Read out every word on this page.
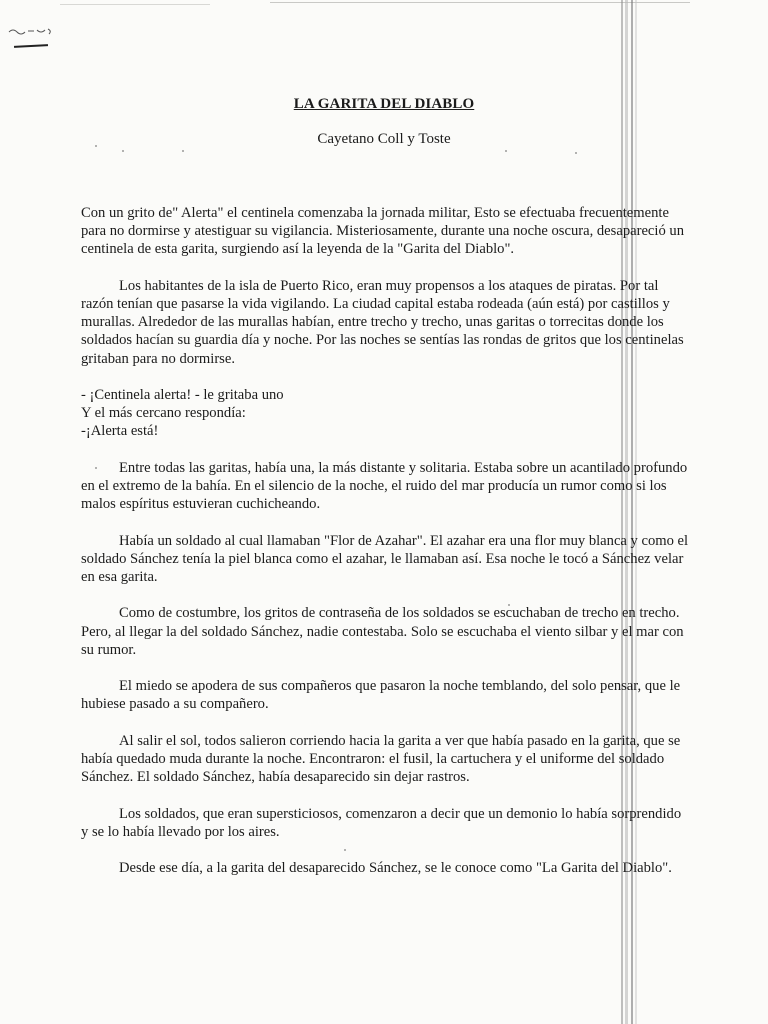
LA GARITA DEL DIABLO
Cayetano Coll y Toste

Con un grito de" Alerta" el centinela comenzaba la jornada militar, Esto se efectuaba frecuentemente para no dormirse y atestiguar su vigilancia. Misteriosamente, durante una noche oscura, desapareció un centinela de esta garita, surgiendo así la leyenda de la "Garita del Diablo".

Los habitantes de la isla de Puerto Rico, eran muy propensos a los ataques de piratas. Por tal razón tenían que pasarse la vida vigilando. La ciudad capital estaba rodeada (aún está) por castillos y murallas. Alrededor de las murallas habían, entre trecho y trecho, unas garitas o torrecitas donde los soldados hacían su guardia día y noche. Por las noches se sentías las rondas de gritos que los centinelas gritaban para no dormirse.

- ¡Centinela alerta! - le gritaba uno
Y el más cercano respondía:
-¡Alerta está!

Entre todas las garitas, había una, la más distante y solitaria. Estaba sobre un acantilado profundo en el extremo de la bahía. En el silencio de la noche, el ruido del mar producía un rumor como si los malos espíritus estuvieran cuchicheando.

Había un soldado al cual llamaban "Flor de Azahar". El azahar era una flor muy blanca y como el soldado Sánchez tenía la piel blanca como el azahar, le llamaban así. Esa noche le tocó a Sánchez velar en esa garita.

Como de costumbre, los gritos de contraseña de los soldados se escuchaban de trecho en trecho. Pero, al llegar la del soldado Sánchez, nadie contestaba. Solo se escuchaba el viento silbar y el mar con su rumor.

El miedo se apodera de sus compañeros que pasaron la noche temblando, del solo pensar, que le hubiese pasado a su compañero.

Al salir el sol, todos salieron corriendo hacia la garita a ver que había pasado en la garita, que se había quedado muda durante la noche. Encontraron: el fusil, la cartuchera y el uniforme del soldado Sánchez. El soldado Sánchez, había desaparecido sin dejar rastros.

Los soldados, que eran supersticiosos, comenzaron a decir que un demonio lo había sorprendido y se lo había llevado por los aires.

Desde ese día, a la garita del desaparecido Sánchez, se le conoce como "La Garita del Diablo".
